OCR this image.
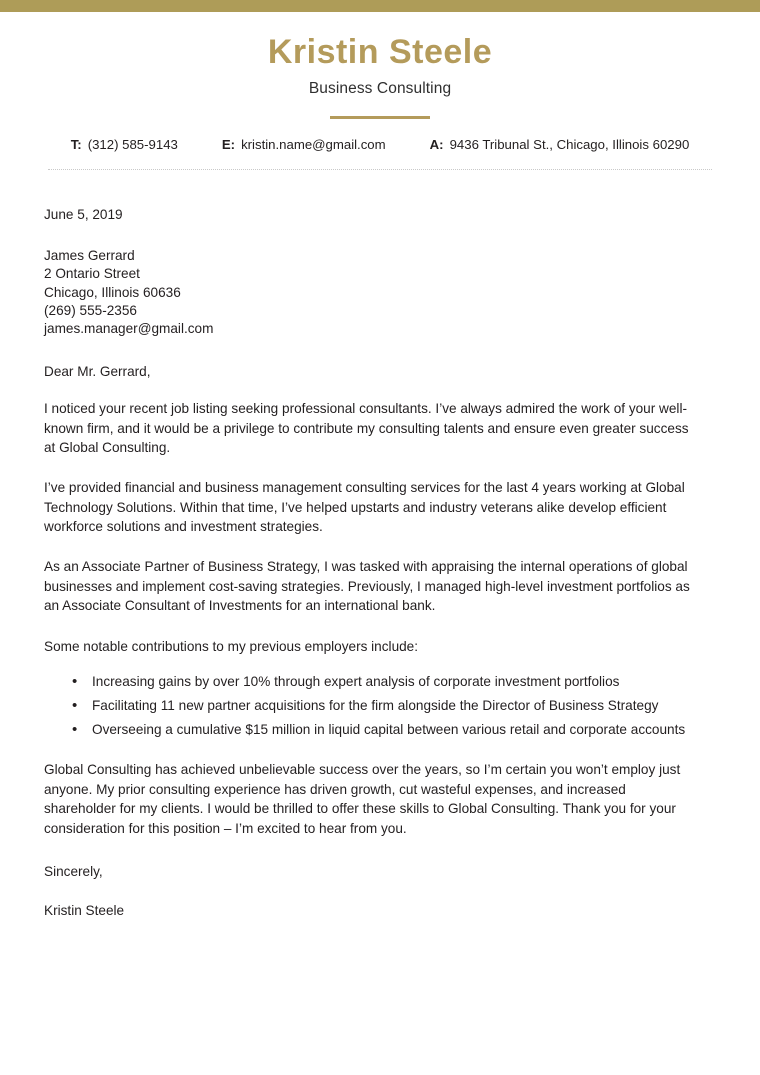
Kristin Steele
Business Consulting
T: (312) 585-9143	E: kristin.name@gmail.com	A: 9436 Tribunal St., Chicago, Illinois 60290

June 5, 2019

James Gerrard
2 Ontario Street
Chicago, Illinois 60636
(269) 555-2356
james.manager@gmail.com

Dear Mr. Gerrard,

I noticed your recent job listing seeking professional consultants. I’ve always admired the work of your well-known firm, and it would be a privilege to contribute my consulting talents and ensure even greater success at Global Consulting.

I’ve provided financial and business management consulting services for the last 4 years working at Global Technology Solutions. Within that time, I’ve helped upstarts and industry veterans alike develop efficient workforce solutions and investment strategies.

As an Associate Partner of Business Strategy, I was tasked with appraising the internal operations of global businesses and implement cost-saving strategies. Previously, I managed high-level investment portfolios as an Associate Consultant of Investments for an international bank.

Some notable contributions to my previous employers include:

• Increasing gains by over 10% through expert analysis of corporate investment portfolios
• Facilitating 11 new partner acquisitions for the firm alongside the Director of Business Strategy
• Overseeing a cumulative $15 million in liquid capital between various retail and corporate accounts

Global Consulting has achieved unbelievable success over the years, so I’m certain you won’t employ just anyone. My prior consulting experience has driven growth, cut wasteful expenses, and increased shareholder for my clients. I would be thrilled to offer these skills to Global Consulting. Thank you for your consideration for this position – I’m excited to hear from you.

Sincerely,

Kristin Steele
